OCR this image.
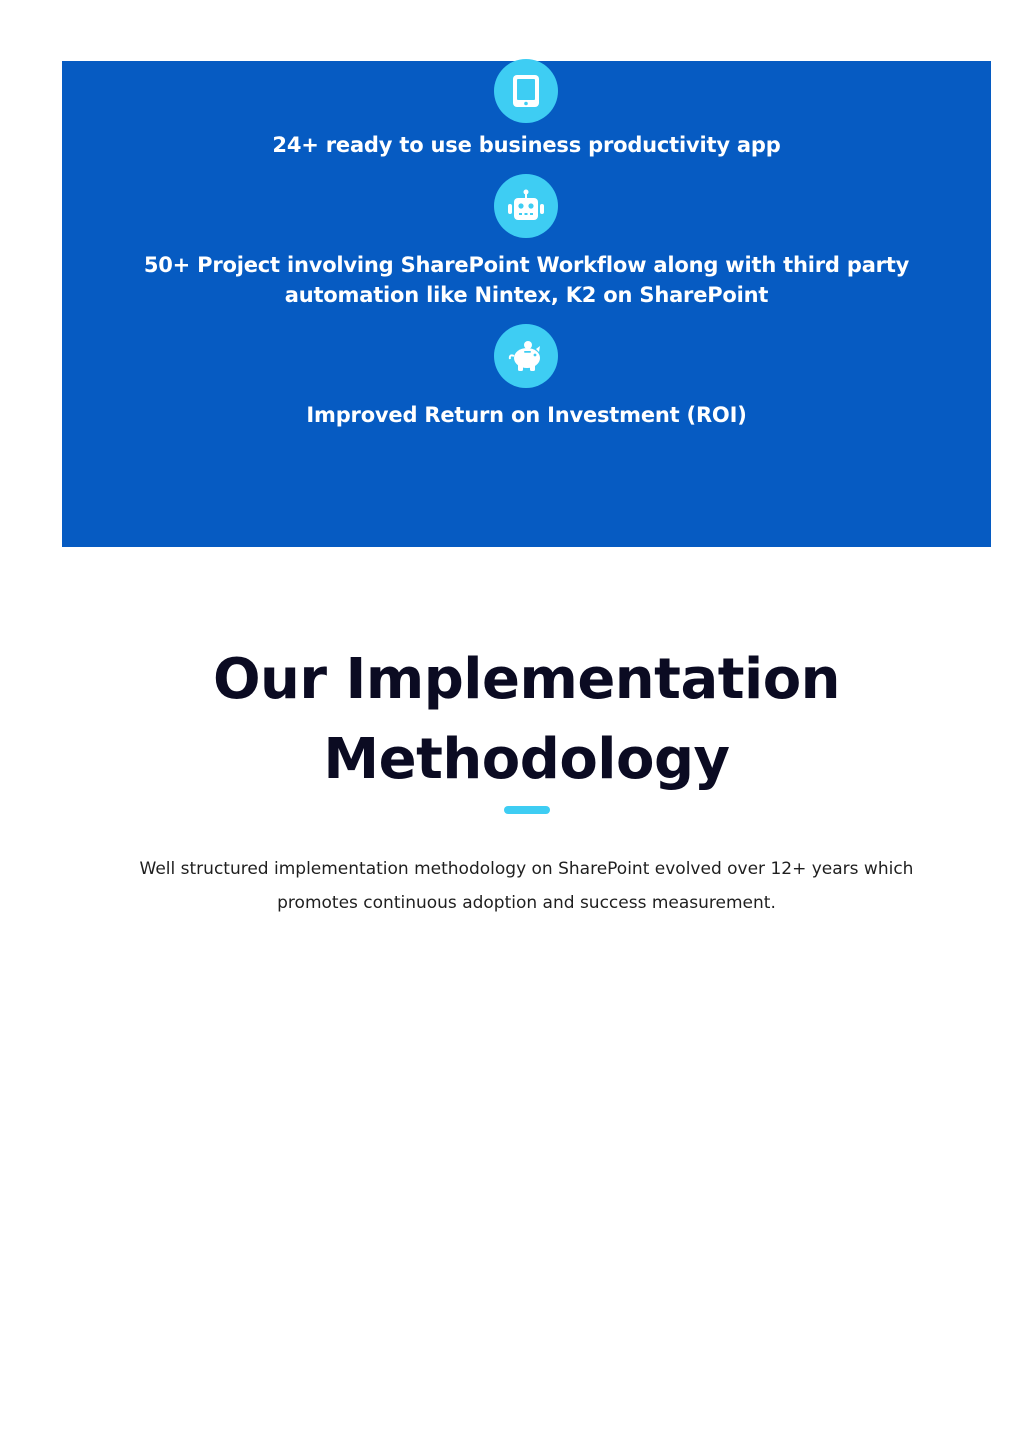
24+ ready to use business productivity app
50+ Project involving SharePoint Workflow along with third party automation like Nintex, K2 on SharePoint
Improved Return on Investment (ROI)
Our Implementation Methodology

Well structured implementation methodology on SharePoint evolved over 12+ years which promotes continuous adoption and success measurement.
